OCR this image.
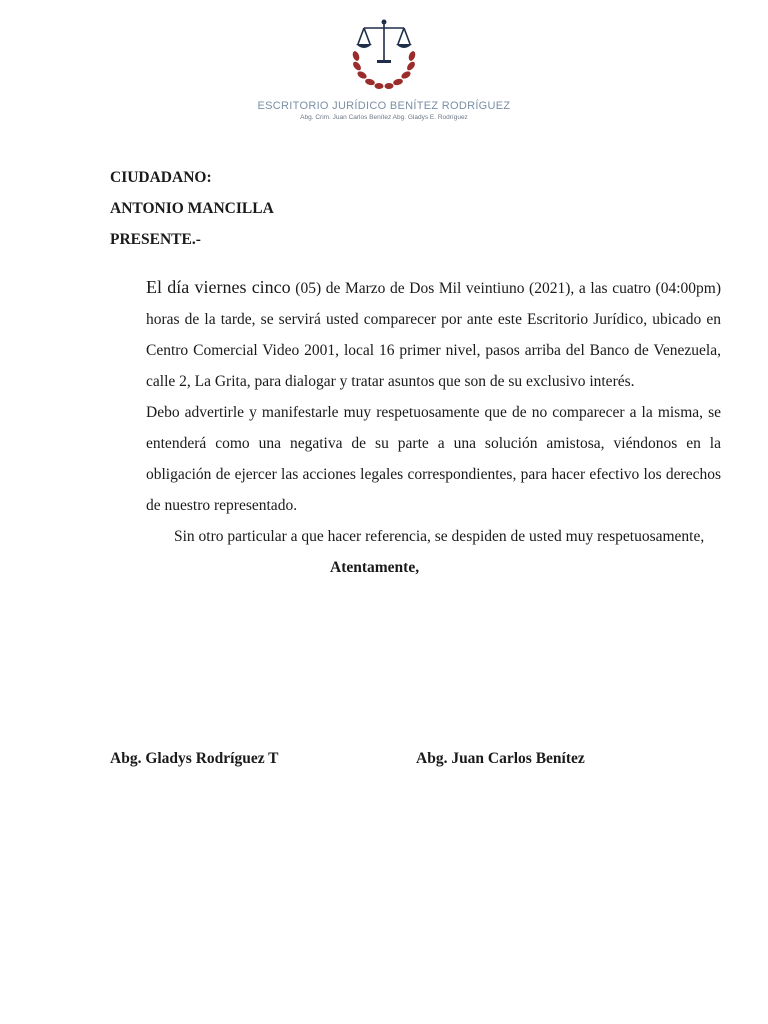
ESCRITORIO JURÍDICO BENÍTEZ RODRÍGUEZ
Abg. Crim. Juan Carlos Benítez Abg. Gladys E. Rodríguez
CIUDADANO:
ANTONIO MANCILLA
PRESENTE.-

El día viernes cinco (05) de Marzo de Dos Mil veintiuno (2021), a las cuatro (04:00pm) horas de la tarde, se servirá usted comparecer por ante este Escritorio Jurídico, ubicado en Centro Comercial Video 2001, local 16 primer nivel, pasos arriba del Banco de Venezuela, calle 2, La Grita, para dialogar y tratar asuntos que son de su exclusivo interés.

Debo advertirle y manifestarle muy respetuosamente que de no comparecer a la misma, se entenderá como una negativa de su parte a una solución amistosa, viéndonos en la obligación de ejercer las acciones legales correspondientes, para hacer efectivo los derechos de nuestro representado.

Sin otro particular a que hacer referencia, se despiden de usted muy respetuosamente,

Atentamente,
Abg. Gladys Rodríguez T	Abg. Juan Carlos Benítez
